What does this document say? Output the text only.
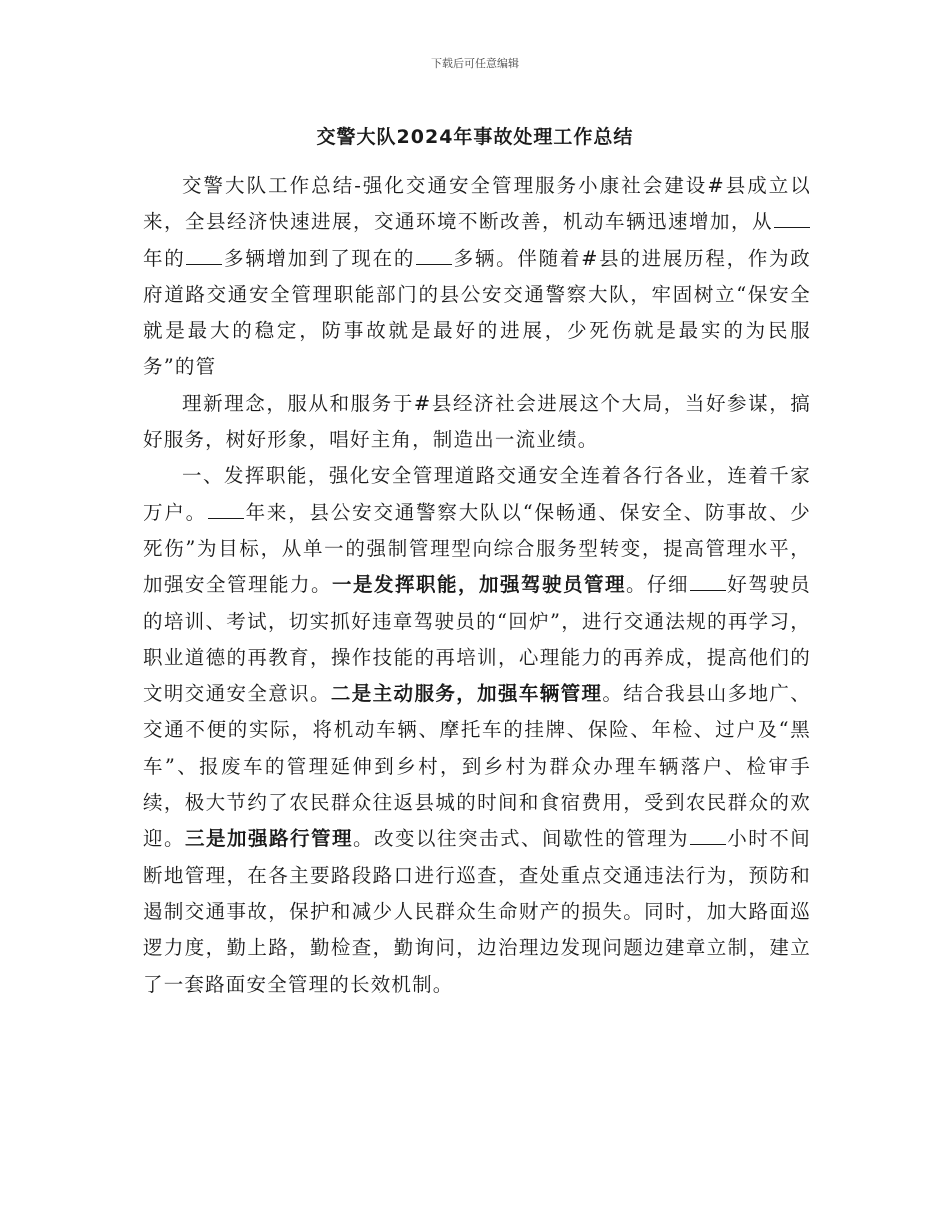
下载后可任意编辑
交警大队2024年事故处理工作总结

交警大队工作总结-强化交通安全管理服务小康社会建设#县成立以来，全县经济快速进展，交通环境不断改善，机动车辆迅速增加，从年的 多辆增加到了现在的 多辆。伴随着#县的进展历程，作为政府道路交通安全管理职能部门的县公安交通警察大队，牢固树立“保安全就是最大的稳定，防事故就是最好的进展，少死伤就是最实的为民服务”的管

理新理念，服从和服务于#县经济社会进展这个大局，当好参谋，搞好服务，树好形象，唱好主角，制造出一流业绩。

一、发挥职能，强化安全管理道路交通安全连着各行各业，连着千家万户。 年来，县公安交通警察大队以“保畅通、保安全、防事故、少死伤”为目标，从单一的强制管理型向综合服务型转变，提高管理水平，加强安全管理能力。一是发挥职能，加强驾驶员管理。仔细 好驾驶员的培训、考试，切实抓好违章驾驶员的“回炉”，进行交通法规的再学习，职业道德的再教育，操作技能的再培训，心理能力的再养成，提高他们的文明交通安全意识。二是主动服务，加强车辆管理。结合我县山多地广、交通不便的实际，将机动车辆、摩托车的挂牌、保险、年检、过户及“黑车”、报废车的管理延伸到乡村，到乡村为群众办理车辆落户、检审手续，极大节约了农民群众往返县城的时间和食宿费用，受到农民群众的欢迎。三是加强路行管理。改变以往突击式、间歇性的管理为 小时不间断地管理，在各主要路段路口进行巡查，查处重点交通违法行为，预防和遏制交通事故，保护和减少人民群众生命财产的损失。同时，加大路面巡逻力度，勤上路，勤检查，勤询问，边治理边发现问题边建章立制，建立了一套路面安全管理的长效机制。
